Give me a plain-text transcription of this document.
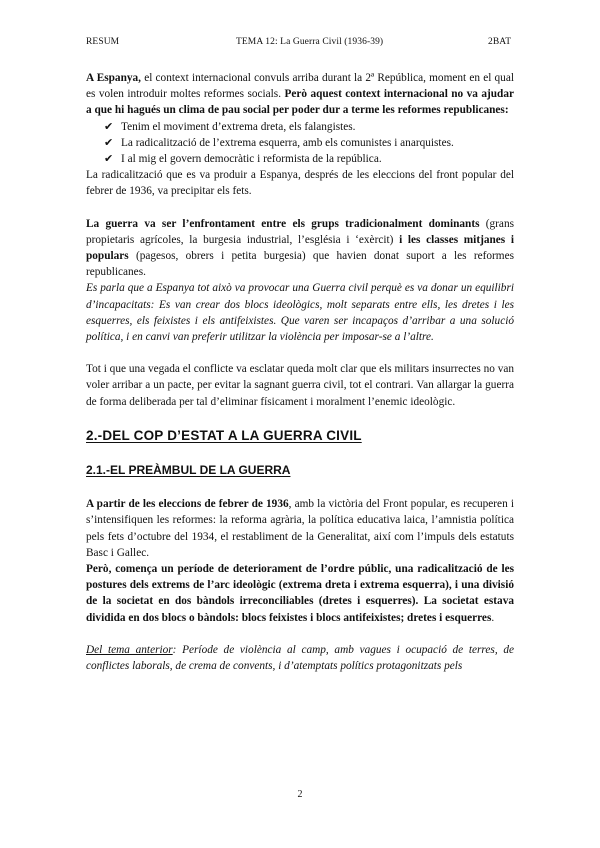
RESUM	TEMA 12: La Guerra Civil (1936-39)	2BAT

A Espanya, el context internacional convuls arriba durant la 2ª República, moment en el qual es volen introduir moltes reformes socials. Però aquest context internacional no va ajudar a que hi hagués un clima de pau social per poder dur a terme les reformes republicanes:

✔ Tenim el moviment d’extrema dreta, els falangistes.
✔ La radicalització de l’extrema esquerra, amb els comunistes i anarquistes.
✔ I al mig el govern democràtic i reformista de la república.

La radicalització que es va produir a Espanya, després de les eleccions del front popular del febrer de 1936, va precipitar els fets.

La guerra va ser l’enfrontament entre els grups tradicionalment dominants (grans propietaris agrícoles, la burgesia industrial, l’església i ‘exèrcit) i les classes mitjanes i populars (pagesos, obrers i petita burgesia) que havien donat suport a les reformes republicanes.

Es parla que a Espanya tot això va provocar una Guerra civil perquè es va donar un equilibri d’incapacitats: Es van crear dos blocs ideològics, molt separats entre ells, les dretes i les esquerres, els feixistes i els antifeixistes. Que varen ser incapaços d’arribar a una solució política, i en canvi van preferir utilitzar la violència per imposar-se a l’altre.

Tot i que una vegada el conflicte va esclatar queda molt clar que els militars insurrectes no van voler arribar a un pacte, per evitar la sagnant guerra civil, tot el contrari. Van allargar la guerra de forma deliberada per tal d’eliminar físicament i moralment l’enemic ideològic.

2.-DEL COP D’ESTAT A LA GUERRA CIVIL
2.1.-EL PREÀMBUL DE LA GUERRA

A partir de les eleccions de febrer de 1936, amb la victòria del Front popular, es recuperen i s’intensifiquen les reformes: la reforma agrària, la política educativa laica, l’amnistia política pels fets d’octubre del 1934, el restabliment de la Generalitat, així com l’impuls dels estatuts Basc i Gallec.

Però, comença un període de deteriorament de l’ordre públic, una radicalització de les postures dels extrems de l’arc ideològic (extrema dreta i extrema esquerra), i una divisió de la societat en dos bàndols irreconciliables (dretes i esquerres). La societat estava dividida en dos blocs o bàndols: blocs feixistes i blocs antifeixistes; dretes i esquerres.

Del tema anterior: Període de violència al camp, amb vagues i ocupació de terres, de conflictes laborals, de crema de convents, i d’atemptats polítics protagonitzats pels

2
